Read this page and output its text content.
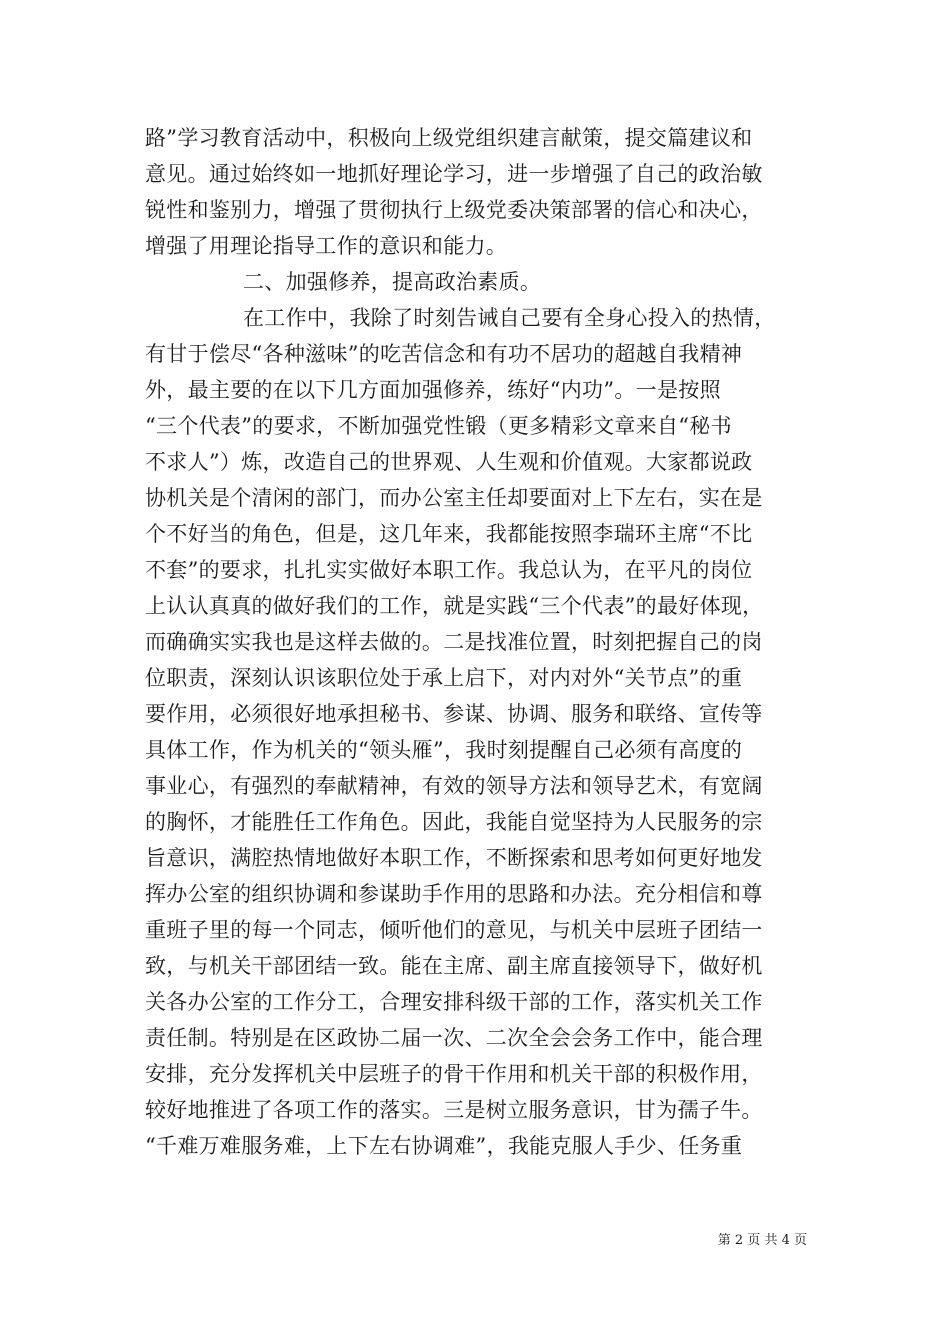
路”学习教育活动中，积极向上级党组织建言献策，提交篇建议和
意见。通过始终如一地抓好理论学习，进一步增强了自己的政治敏
锐性和鉴别力，增强了贯彻执行上级党委决策部署的信心和决心，
增强了用理论指导工作的意识和能力。
二、加强修养，提高政治素质。
在工作中，我除了时刻告诫自己要有全身心投入的热情，
有甘于偿尽“各种滋味”的吃苦信念和有功不居功的超越自我精神
外，最主要的在以下几方面加强修养，练好“内功”。一是按照
“三个代表”的要求，不断加强党性锻（更多精彩文章来自“秘书
不求人”）炼，改造自己的世界观、人生观和价值观。大家都说政
协机关是个清闲的部门，而办公室主任却要面对上下左右，实在是
个不好当的角色，但是，这几年来，我都能按照李瑞环主席“不比
不套”的要求，扎扎实实做好本职工作。我总认为，在平凡的岗位
上认认真真的做好我们的工作，就是实践“三个代表”的最好体现，
而确确实实我也是这样去做的。二是找准位置，时刻把握自己的岗
位职责，深刻认识该职位处于承上启下，对内对外“关节点”的重
要作用，必须很好地承担秘书、参谋、协调、服务和联络、宣传等
具体工作，作为机关的“领头雁”，我时刻提醒自己必须有高度的
事业心，有强烈的奉献精神，有效的领导方法和领导艺术，有宽阔
的胸怀，才能胜任工作角色。因此，我能自觉坚持为人民服务的宗
旨意识，满腔热情地做好本职工作，不断探索和思考如何更好地发
挥办公室的组织协调和参谋助手作用的思路和办法。充分相信和尊
重班子里的每一个同志，倾听他们的意见，与机关中层班子团结一
致，与机关干部团结一致。能在主席、副主席直接领导下，做好机
关各办公室的工作分工，合理安排科级干部的工作，落实机关工作
责任制。特别是在区政协二届一次、二次全会会务工作中，能合理
安排，充分发挥机关中层班子的骨干作用和机关干部的积极作用，
较好地推进了各项工作的落实。三是树立服务意识，甘为孺子牛。
“千难万难服务难，上下左右协调难”，我能克服人手少、任务重
第 2 页 共 4 页
